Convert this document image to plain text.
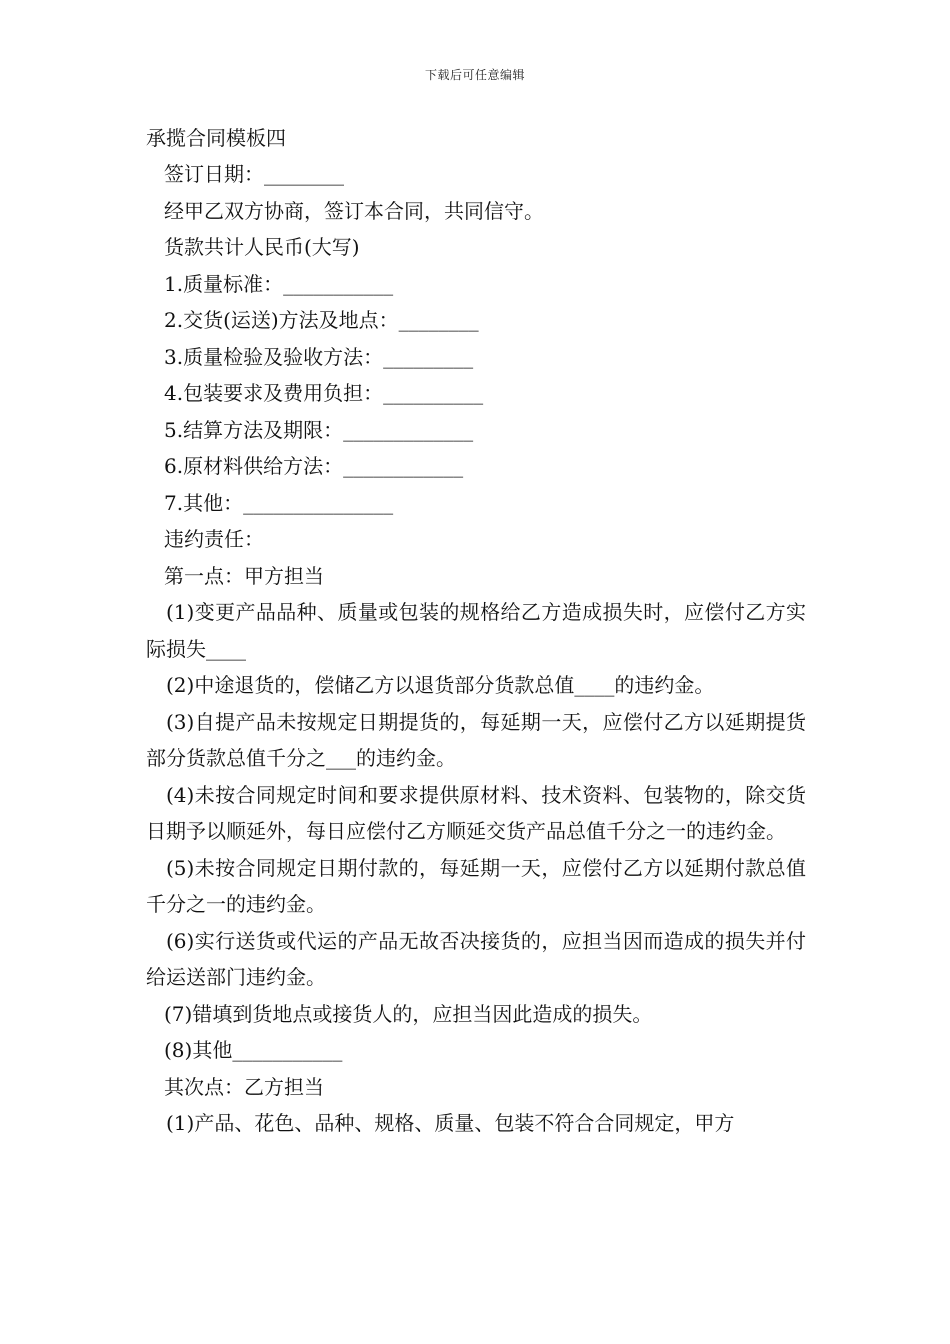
下载后可任意编辑
承揽合同模板四

签订日期：________

经甲乙双方协商，签订本合同，共同信守。

货款共计人民币(大写)

1.质量标准：___________

2.交货(运送)方法及地点：________

3.质量检验及验收方法：_________

4.包装要求及费用负担：__________

5.结算方法及期限：_____________

6.原材料供给方法：____________

7.其他：_______________

违约责任：

第一点：甲方担当

(1)变更产品品种、质量或包装的规格给乙方造成损失时，应偿付乙方实际损失____

(2)中途退货的，偿储乙方以退货部分货款总值____的违约金。

(3)自提产品未按规定日期提货的，每延期一天，应偿付乙方以延期提货部分货款总值千分之___的违约金。

(4)未按合同规定时间和要求提供原材料、技术资料、包装物的，除交货日期予以顺延外，每日应偿付乙方顺延交货产品总值千分之一的违约金。

(5)未按合同规定日期付款的，每延期一天，应偿付乙方以延期付款总值千分之一的违约金。

(6)实行送货或代运的产品无故否决接货的，应担当因而造成的损失并付给运送部门违约金。

(7)错填到货地点或接货人的，应担当因此造成的损失。

(8)其他___________

其次点：乙方担当

(1)产品、花色、品种、规格、质量、包装不符合合同规定，甲方
